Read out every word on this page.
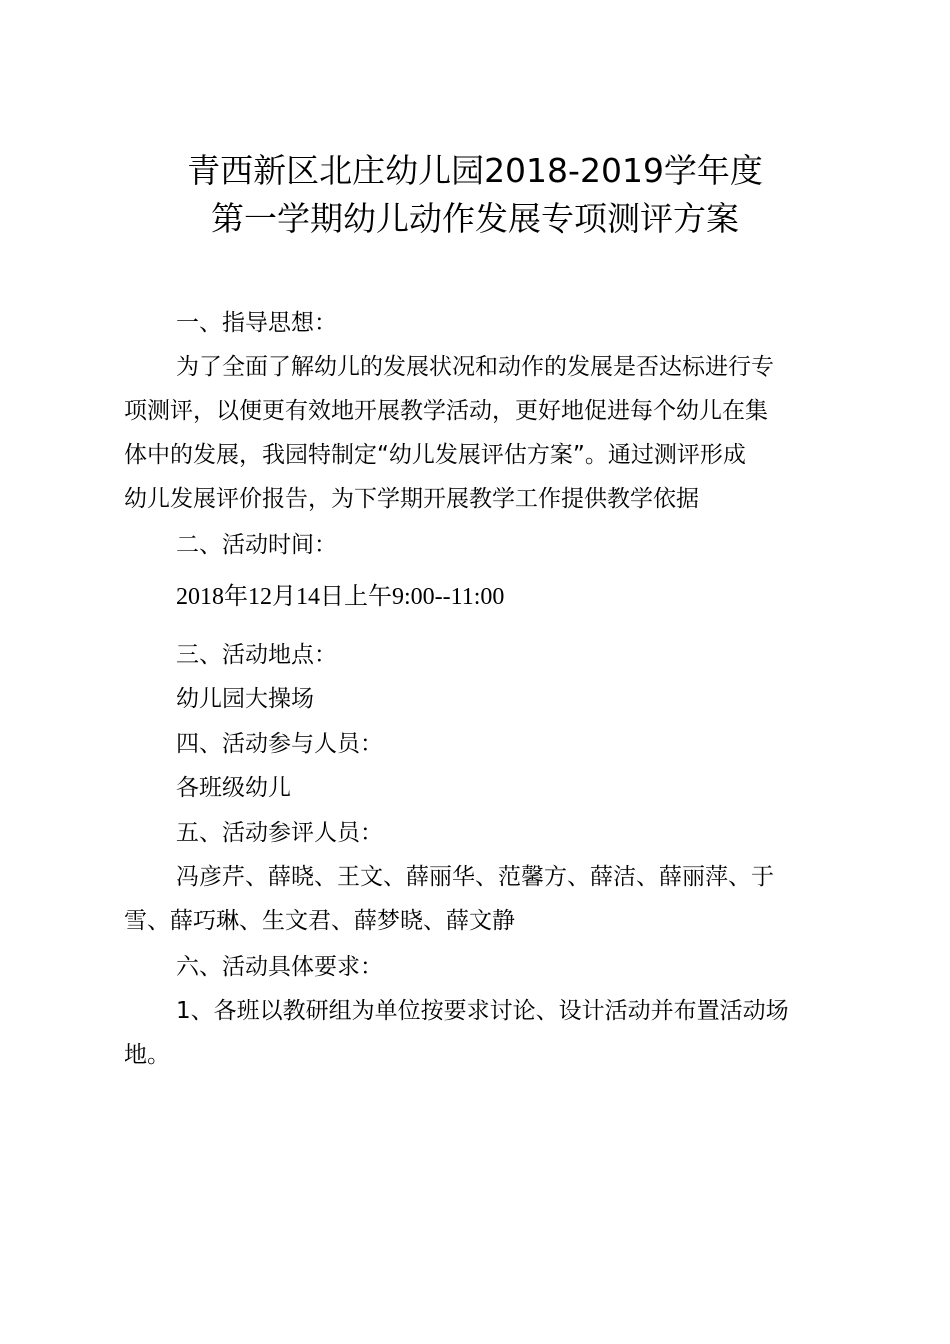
青西新区北庄幼儿园2018-2019学年度
第一学期幼儿动作发展专项测评方案
一、指导思想：
为了全面了解幼儿的发展状况和动作的发展是否达标进行专
项测评，以便更有效地开展教学活动，更好地促进每个幼儿在集
体中的发展，我园特制定“幼儿发展评估方案”。通过测评形成
幼儿发展评价报告，为下学期开展教学工作提供教学依据
二、活动时间：
2018年12月14日上午9:00--11:00
三、活动地点：
幼儿园大操场
四、活动参与人员：
各班级幼儿
五、活动参评人员：
冯彦芹、薛晓、王文、薛丽华、范馨方、薛洁、薛丽萍、于
雪、薛巧琳、生文君、薛梦晓、薛文静
六、活动具体要求：
1、各班以教研组为单位按要求讨论、设计活动并布置活动场
地。
